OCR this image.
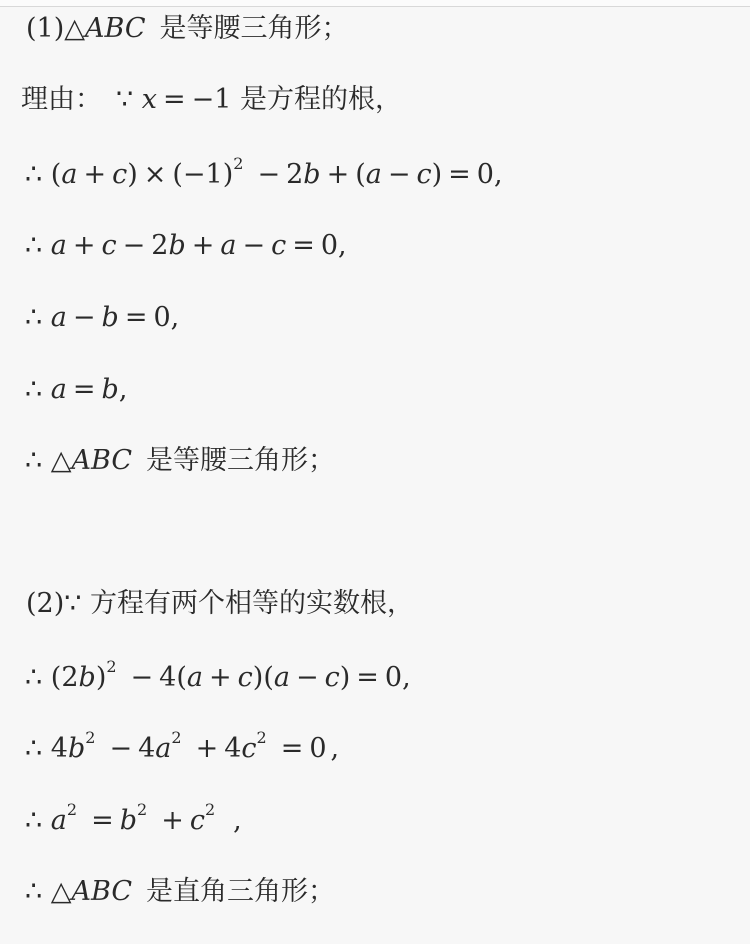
(1)△ABC 是等腰三角形；
理由： ∵ x = −1 是方程的根，
∴ $(a + c) \times (-1)^2 - 2b + (a - c) = 0$,
∴ a + c − 2b + a − c = 0,
∴ a − b = 0,
∴ a = b,
∴ △ABC 是等腰三角形；
(2)∵ 方程有两个相等的实数根，
∴ $(2b)^2 - 4(a + c)(a - c) = 0$,
∴ $4b^2 - 4a^2 + 4c^2 = 0$ ,
∴ $a^2 = b^2 + c^2$ ,
∴ △ABC 是直角三角形；
